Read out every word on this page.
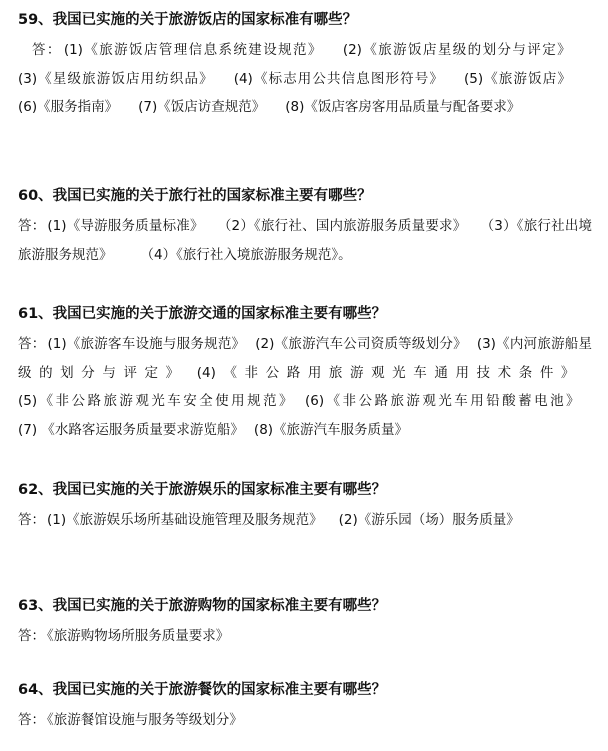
59、我国已实施的关于旅游饭店的国家标准有哪些？
答： (1)《旅游饭店管理信息系统建设规范》 (2)《旅游饭店星级的划分与评定》(3)《星级旅游饭店用纺织品》 (4)《标志用公共信息图形符号》 (5)《旅游饭店》(6)《服务指南》 (7)《饭店访查规范》 (8)《饭店客房客用品质量与配备要求》
60、我国已实施的关于旅行社的国家标准主要有哪些？
答： (1)《导游服务质量标准》 （2）《旅行社、国内旅游服务质量要求》 （3）《旅行社出境旅游服务规范》 （4）《旅行社入境旅游服务规范》。
61、我国已实施的关于旅游交通的国家标准主要有哪些？
答： (1)《旅游客车设施与服务规范》 (2)《旅游汽车公司资质等级划分》 (3)《内河旅游船星级的划分与评定》 (4)《非公路用旅游观光车通用技术条件》(5)《非公路旅游观光车安全使用规范》 (6)《非公路旅游观光车用铅酸蓄电池》(7) 《水路客运服务质量要求游览船》 (8)《旅游汽车服务质量》
62、我国已实施的关于旅游娱乐的国家标准主要有哪些？
答： (1)《旅游娱乐场所基础设施管理及服务规范》 (2)《游乐园（场）服务质量》
63、我国已实施的关于旅游购物的国家标准主要有哪些？
答： 《旅游购物场所服务质量要求》
64、我国已实施的关于旅游餐饮的国家标准主要有哪些？
答： 《旅游餐馆设施与服务等级划分》
